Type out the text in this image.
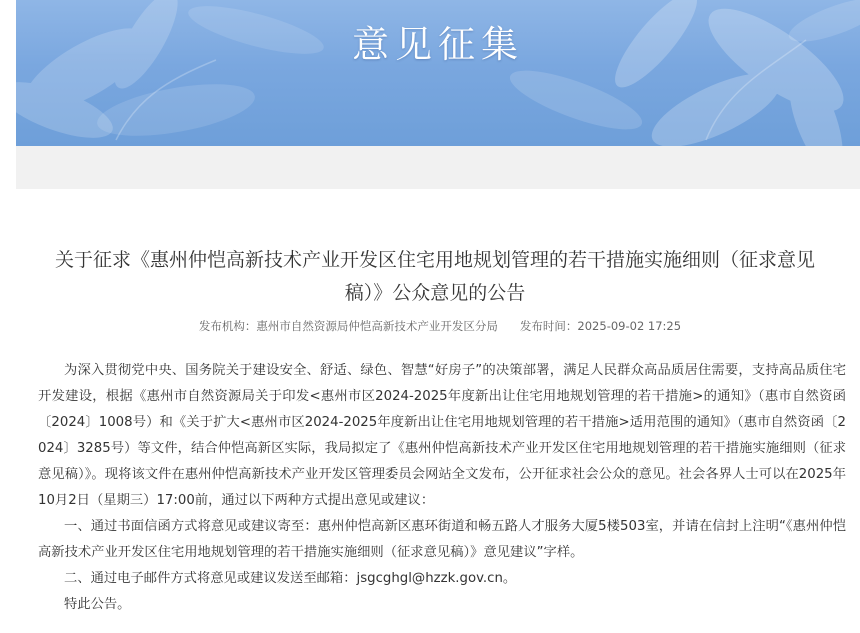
意见征集
关于征求《惠州仲恺高新技术产业开发区住宅用地规划管理的若干措施实施细则（征求意见稿）》公众意见的公告
发布机构：惠州市自然资源局仲恺高新技术产业开发区分局 发布时间：2025-09-02 17:25

为深入贯彻党中央、国务院关于建设安全、舒适、绿色、智慧“好房子”的决策部署，满足人民群众高品质居住需要，支持高品质住宅开发建设，根据《惠州市自然资源局关于印发<惠州市区2024-2025年度新出让住宅用地规划管理的若干措施>的通知》（惠市自然资函〔2024〕1008号）和《关于扩大<惠州市区2024-2025年度新出让住宅用地规划管理的若干措施>适用范围的通知》（惠市自然资函〔2024〕3285号）等文件，结合仲恺高新区实际，我局拟定了《惠州仲恺高新技术产业开发区住宅用地规划管理的若干措施实施细则（征求意见稿）》。现将该文件在惠州仲恺高新技术产业开发区管理委员会网站全文发布，公开征求社会公众的意见。社会各界人士可以在2025年10月2日（星期三）17:00前，通过以下两种方式提出意见或建议：

一、通过书面信函方式将意见或建议寄至：惠州仲恺高新区惠环街道和畅五路人才服务大厦5楼503室，并请在信封上注明“《惠州仲恺高新技术产业开发区住宅用地规划管理的若干措施实施细则（征求意见稿）》意见建议”字样。

二、通过电子邮件方式将意见或建议发送至邮箱：jsgcghgl@hzzk.gov.cn。

特此公告。
